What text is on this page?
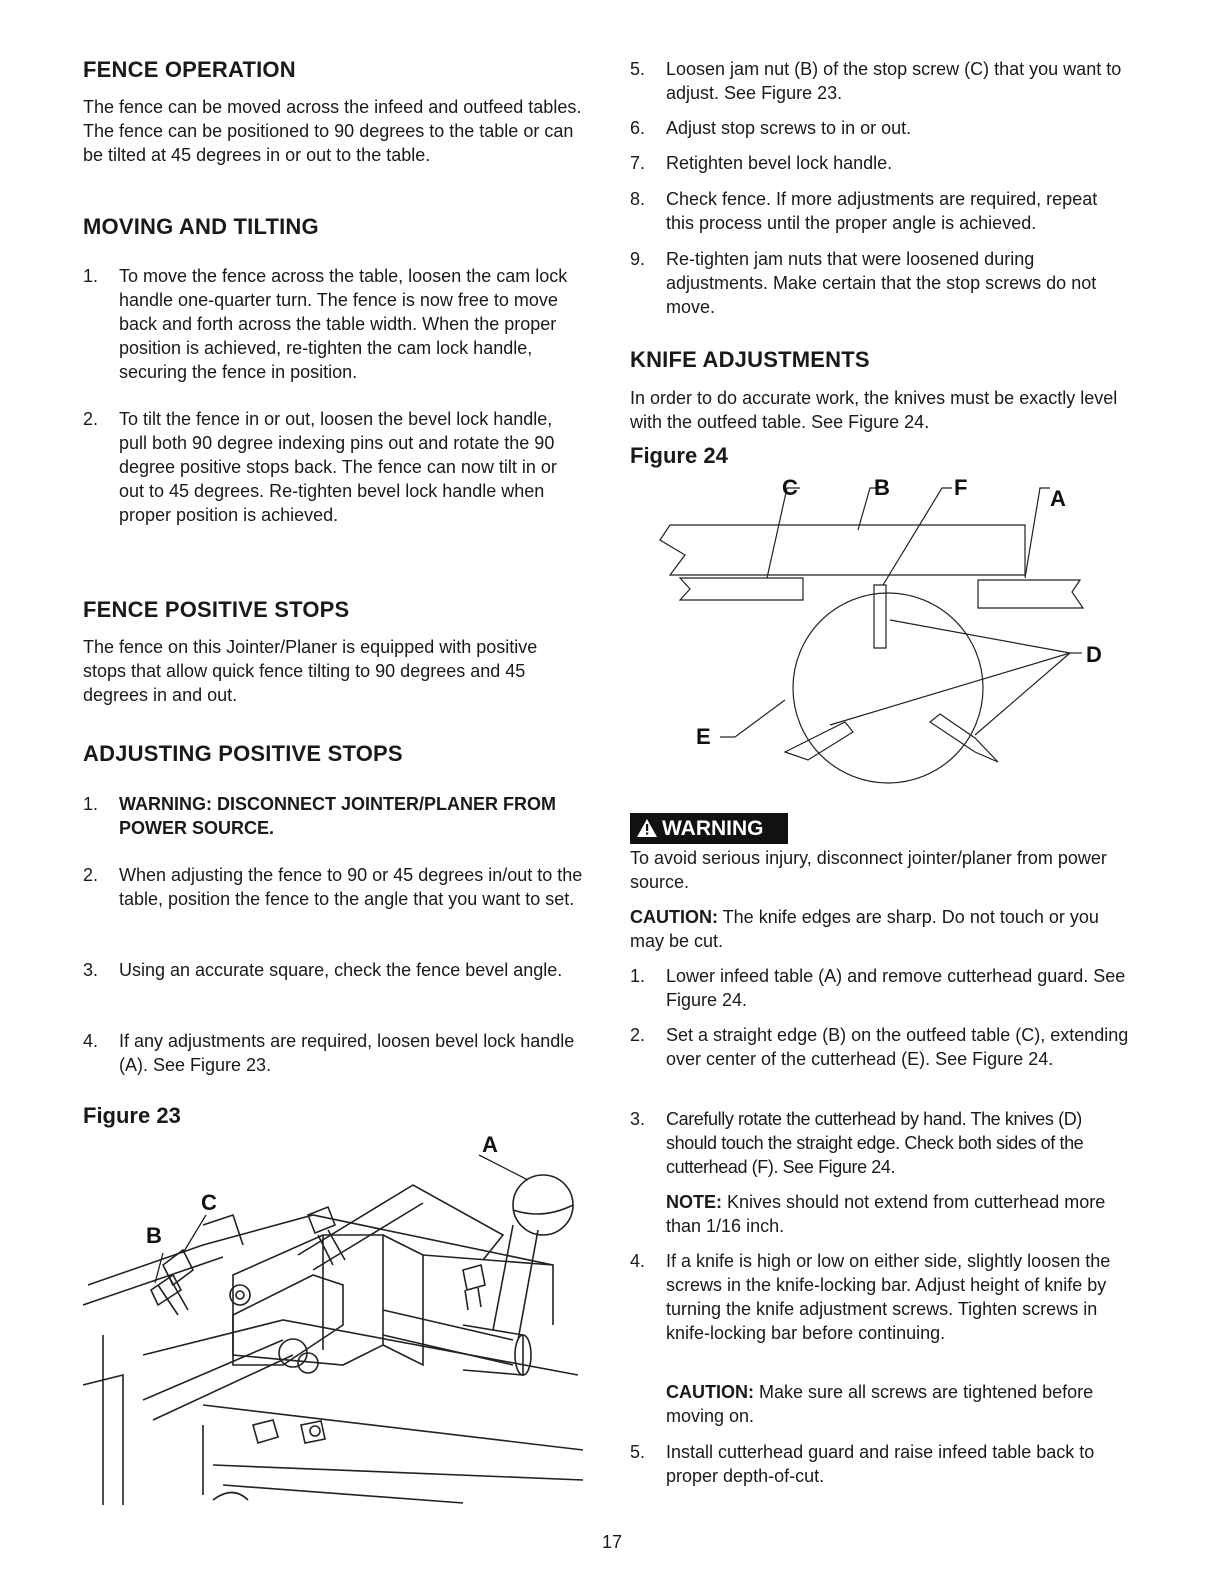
FENCE OPERATION

The fence can be moved across the infeed and outfeed tables. The fence can be positioned to 90 degrees to the table or can be tilted at 45 degrees in or out to the table.

MOVING AND TILTING
1.	To move the fence across the table, loosen the cam lock handle one-quarter turn. The fence is now free to move back and forth across the table width. When the proper position is achieved, re-tighten the cam lock handle, securing the fence in position.
2.	To tilt the fence in or out, loosen the bevel lock handle, pull both 90 degree indexing pins out and rotate the 90 degree positive stops back. The fence can now tilt in or out to 45 degrees. Re-tighten bevel lock handle when proper position is achieved.
FENCE POSITIVE STOPS

The fence on this Jointer/Planer is equipped with positive stops that allow quick fence tilting to 90 degrees and 45 degrees in and out.

ADJUSTING POSITIVE STOPS
1.	WARNING: DISCONNECT JOINTER/PLANER FROM POWER SOURCE.
2.	When adjusting the fence to 90 or 45 degrees in/out to the table, position the fence to the angle that you want to set.
3.	Using an accurate square, check the fence bevel angle.
4.	If any adjustments are required, loosen bevel lock handle (A). See Figure 23.
Figure 23
A
C
B
5.	Loosen jam nut (B) of the stop screw (C) that you want to adjust. See Figure 23.
6.	Adjust stop screws to in or out.
7.	Retighten bevel lock handle.
8.	Check fence. If more adjustments are required, repeat this process until the proper angle is achieved.
9.	Re-tighten jam nuts that were loosened during adjustments. Make certain that the stop screws do not move.
KNIFE ADJUSTMENTS

In order to do accurate work, the knives must be exactly level with the outfeed table. See Figure 24.

Figure 24

To avoid serious injury, disconnect jointer/planer from power source.

CAUTION: The knife edges are sharp. Do not touch or you may be cut.

1.	Lower infeed table (A) and remove cutterhead guard. See Figure 24.
2.	Set a straight edge (B) on the outfeed table (C), extending over center of the cutterhead (E). See Figure 24.
3.	Carefully rotate the cutterhead by hand. The knives (D) should touch the straight edge. Check both sides of the cutterhead (F). See Figure 24.
NOTE: Knives should not extend from cutterhead more than 1/16 inch.
4.	If a knife is high or low on either side, slightly loosen the screws in the knife-locking bar. Adjust height of knife by turning the knife adjustment screws. Tighten screws in knife-locking bar before continuing.
CAUTION: Make sure all screws are tightened before moving on.
5.	Install cutterhead guard and raise infeed table back to proper depth-of-cut.
C	B	F	A
D
E
WARNING
17
